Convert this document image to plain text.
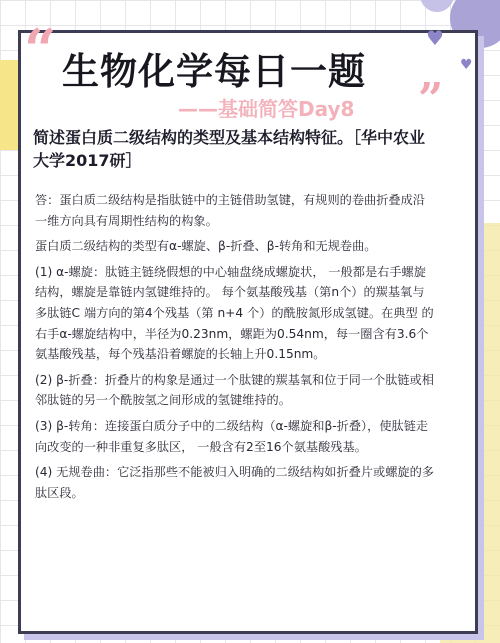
“
”
♥
♥
生物化学每日一题
——基础简答Day8
简述蛋白质二级结构的类型及基本结构特征。［华中农业大学2017研］

答：蛋白质二级结构是指肽链中的主链借助氢键，有规则的卷曲折叠成沿一维方向具有周期性结构的构象。

蛋白质二级结构的类型有α-螺旋、β-折叠、β-转角和无规卷曲。

(1) α-螺旋：肽链主链绕假想的中心轴盘绕成螺旋状， 一般都是右手螺旋结构，螺旋是靠链内氢键维持的。 每个氨基酸残基（第n个）的羰基氧与多肽链C 端方向的第4个残基（第 n+4 个）的酰胺氮形成氢键。在典型 的右手α-螺旋结构中，半径为0.23nm，螺距为0.54nm，每一圈含有3.6个氨基酸残基，每个残基沿着螺旋的长轴上升0.15nm。

(2) β-折叠：折叠片的构象是通过一个肽键的羰基氧和位于同一个肽链或相邻肽链的另一个酰胺氢之间形成的氢键维持的。

(3) β-转角：连接蛋白质分子中的二级结构（α-螺旋和β-折叠），使肽链走向改变的一种非重复多肽区， 一般含有2至16个氨基酸残基。

(4) 无规卷曲：它泛指那些不能被归入明确的二级结构如折叠片或螺旋的多肽区段。
